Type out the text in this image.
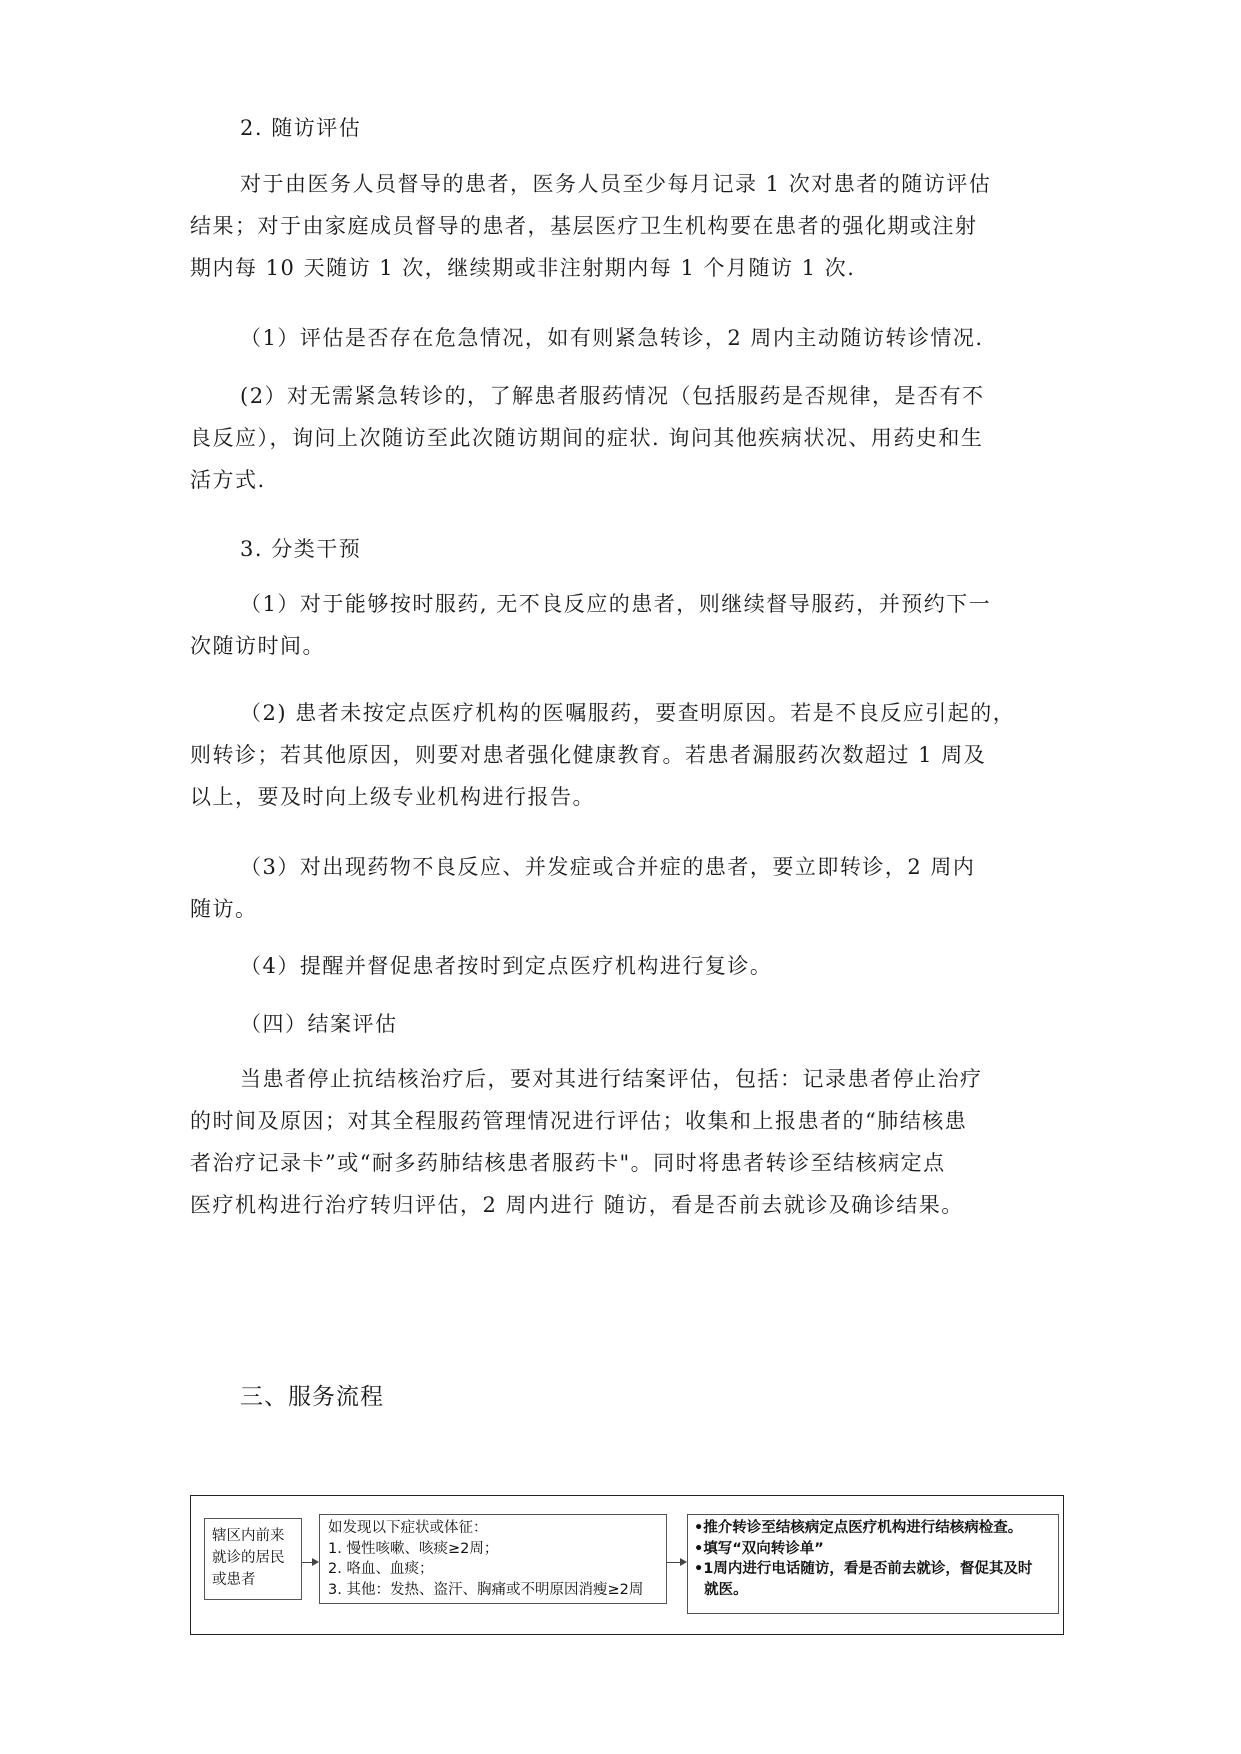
2. 随访评估
对于由医务人员督导的患者，医务人员至少每月记录 1 次对患者的随访评估
结果；对于由家庭成员督导的患者，基层医疗卫生机构要在患者的强化期或注射
期内每 10 天随访 1 次，继续期或非注射期内每 1 个月随访 1 次.
（1）评估是否存在危急情况，如有则紧急转诊，2 周内主动随访转诊情况.
(2）对无需紧急转诊的，了解患者服药情况（包括服药是否规律，是否有不
良反应），询问上次随访至此次随访期间的症状. 询问其他疾病状况、用药史和生
活方式.
3. 分类干预
（1）对于能够按时服药, 无不良反应的患者，则继续督导服药，并预约下一
次随访时间。
（2) 患者未按定点医疗机构的医嘱服药，要查明原因。若是不良反应引起的，
则转诊；若其他原因，则要对患者强化健康教育。若患者漏服药次数超过 1 周及
以上，要及时向上级专业机构进行报告。
（3）对出现药物不良反应、并发症或合并症的患者，要立即转诊，2 周内
随访。
（4）提醒并督促患者按时到定点医疗机构进行复诊。
（四）结案评估
当患者停止抗结核治疗后，要对其进行结案评估，包括：记录患者停止治疗
的时间及原因；对其全程服药管理情况进行评估；收集和上报患者的“肺结核患
者治疗记录卡”或“耐多药肺结核患者服药卡"。同时将患者转诊至结核病定点
医疗机构进行治疗转归评估，2 周内进行 随访，看是否前去就诊及确诊结果。
三、服务流程
辖区内前来
就诊的居民
或患者
如发现以下症状或体征：
1. 慢性咳嗽、咳痰≥2周；
2. 咯血、血痰；
3. 其他：发热、盗汗、胸痛或不明原因消瘦≥2周
•推介转诊至结核病定点医疗机构进行结核病检查。
•填写“双向转诊单”
•1周内进行电话随访，看是否前去就诊，督促其及时
就医。
